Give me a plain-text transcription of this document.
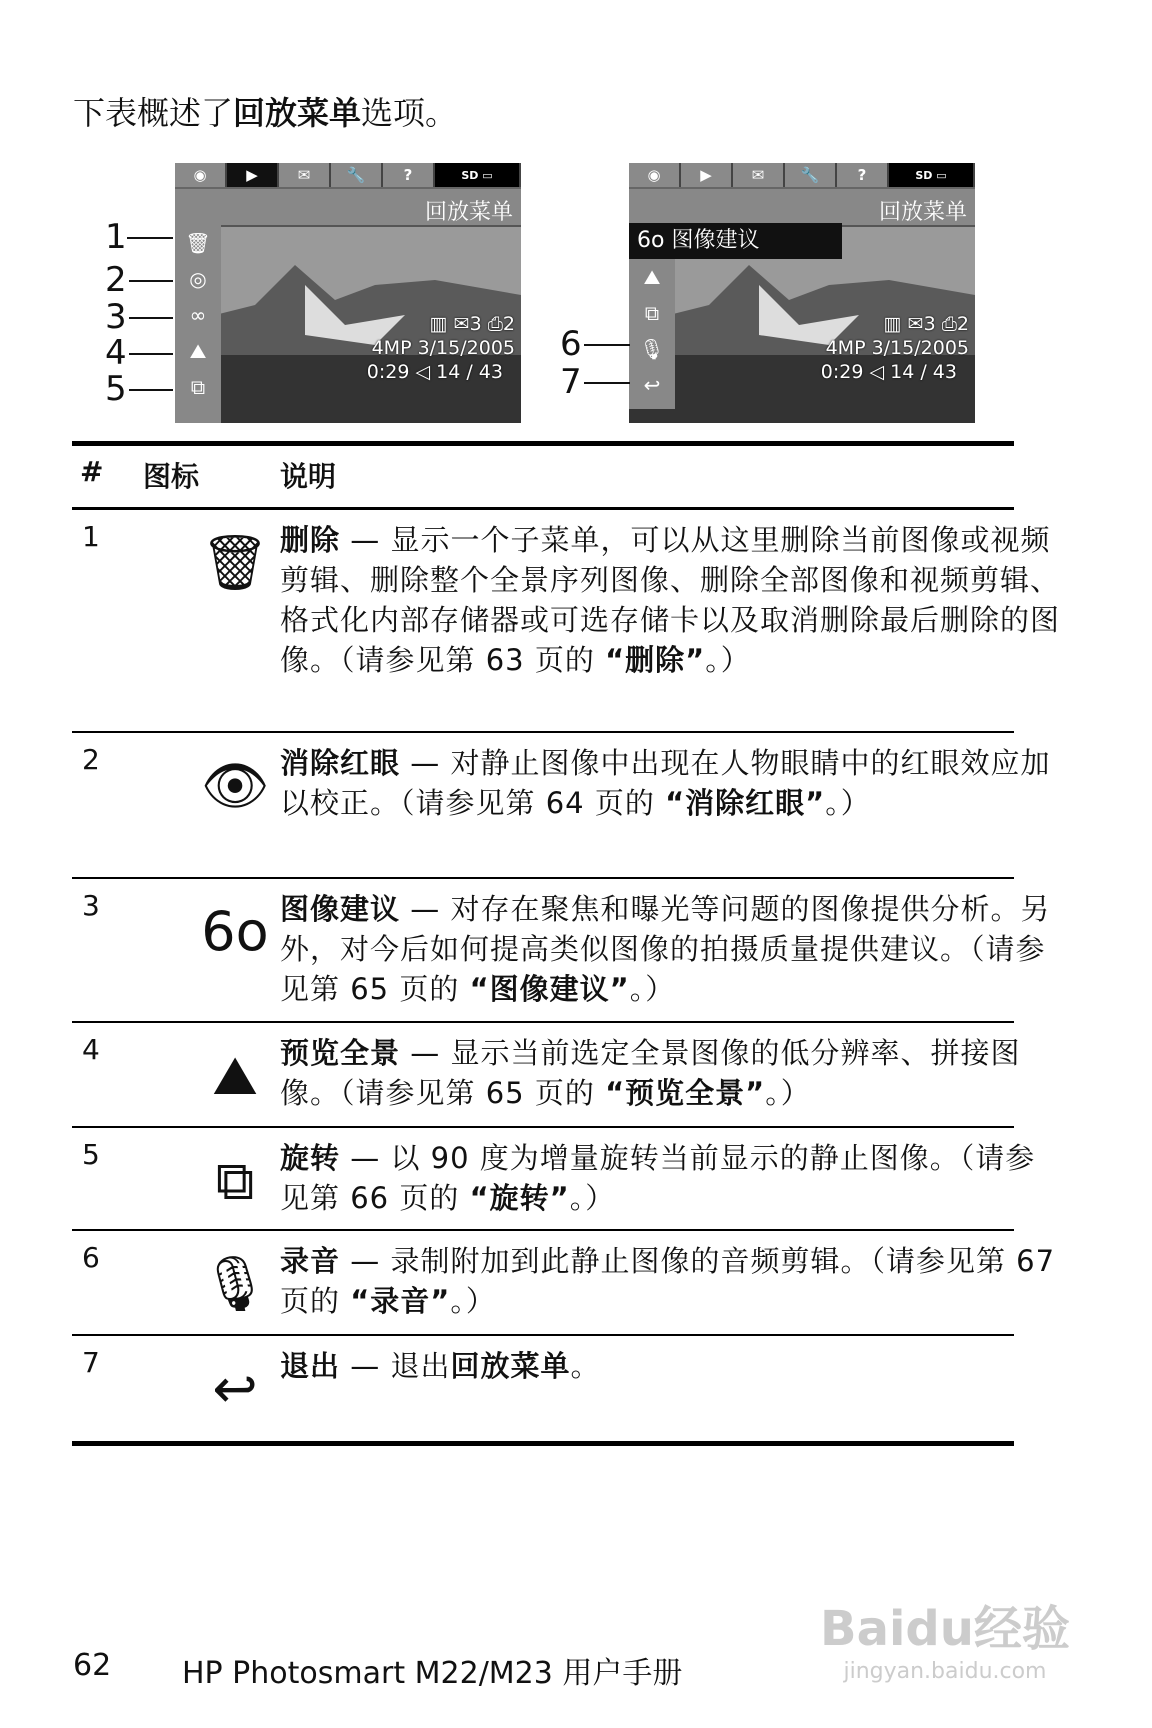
下表概述了回放菜单选项。
◉	▶	✉	🔧	?	SD ▭
回放菜单
🗑
◎
∞
⛰
⧉
▥ ✉3 ⎙2
4MP 3/15/2005
0:29 ◁ 14 / 43
◉	▶	✉	🔧	?	SD ▭
回放菜单
⛰
⧉
🎙
↩
6ᴏ 图像建议
▥ ✉3 ⎙2
4MP 3/15/2005
0:29 ◁ 14 / 43
1
2
3
4
5
6
7
# 图标	说明
1 🗑 删除 — 显示一个子菜单，可以从这里删除当前图像或视频剪辑、删除整个全景序列图像、删除全部图像和视频剪辑、格式化内部存储器或可选存储卡以及取消删除最后删除的图像。（请参见第 63 页的 “删除”。）
2 👁 消除红眼 — 对静止图像中出现在人物眼睛中的红眼效应加以校正。（请参见第 64 页的 “消除红眼”。）
3 6ᴏ 图像建议 — 对存在聚焦和曝光等问题的图像提供分析。另外，对今后如何提高类似图像的拍摄质量提供建议。（请参见第 65 页的 “图像建议”。）
4 ⛰ 预览全景 — 显示当前选定全景图像的低分辨率、拼接图像。（请参见第 65 页的 “预览全景”。）
5 ⧉ 旋转 — 以 90 度为增量旋转当前显示的静止图像。（请参见第 66 页的 “旋转”。）
6 🎙 录音 — 录制附加到此静止图像的音频剪辑。（请参见第 67 页的 “录音”。）
7 ↩ 退出 — 退出回放菜单。
62 HP Photosmart M22/M23 用户手册
Baidu经验
jingyan.baidu.com
